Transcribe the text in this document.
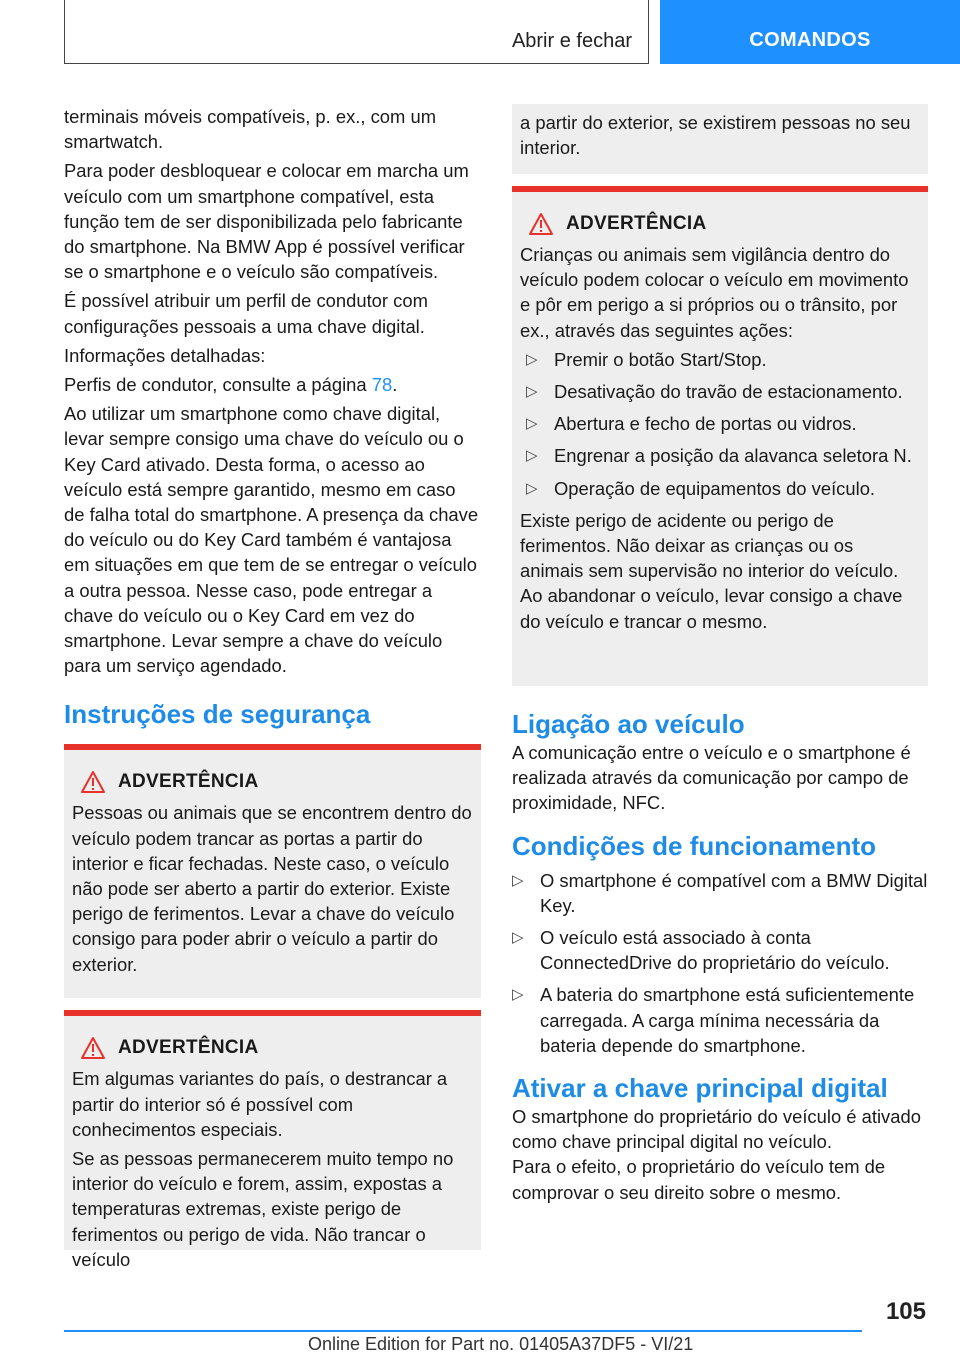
Abrir e fechar	COMANDOS

terminais móveis compatíveis, p. ex., com um smartwatch.

Para poder desbloquear e colocar em marcha um veículo com um smartphone compatível, esta função tem de ser disponibilizada pelo fabricante do smartphone. Na BMW App é possível verificar se o smartphone e o veículo são compatíveis.

É possível atribuir um perfil de condutor com configurações pessoais a uma chave digital.

Informações detalhadas:

Perfis de condutor, consulte a página 78.

Ao utilizar um smartphone como chave digital, levar sempre consigo uma chave do veículo ou o Key Card ativado. Desta forma, o acesso ao veículo está sempre garantido, mesmo em caso de falha total do smartphone. A presença da chave do veículo ou do Key Card também é vantajosa em situações em que tem de se entregar o veículo a outra pessoa. Nesse caso, pode entregar a chave do veículo ou o Key Card em vez do smartphone. Levar sempre a chave do veículo para um serviço agendado.

Instruções de segurança
ADVERTÊNCIA

Pessoas ou animais que se encontrem dentro do veículo podem trancar as portas a partir do interior e ficar fechadas. Neste caso, o veículo não pode ser aberto a partir do exterior. Existe perigo de ferimentos. Levar a chave do veículo consigo para poder abrir o veículo a partir do exterior.

ADVERTÊNCIA

Em algumas variantes do país, o destrancar a partir do interior só é possível com conhecimentos especiais.

Se as pessoas permanecerem muito tempo no interior do veículo e forem, assim, expostas a temperaturas extremas, existe perigo de ferimentos ou perigo de vida. Não trancar o veículo

a partir do exterior, se existirem pessoas no seu interior.

ADVERTÊNCIA

Crianças ou animais sem vigilância dentro do veículo podem colocar o veículo em movimento e pôr em perigo a si próprios ou o trânsito, por ex., através das seguintes ações:

▷ Premir o botão Start/Stop.
▷ Desativação do travão de estacionamento.
▷ Abertura e fecho de portas ou vidros.
▷ Engrenar a posição da alavanca seletora N.
▷ Operação de equipamentos do veículo.

Existe perigo de acidente ou perigo de ferimentos. Não deixar as crianças ou os animais sem supervisão no interior do veículo. Ao abandonar o veículo, levar consigo a chave do veículo e trancar o mesmo.

Ligação ao veículo

A comunicação entre o veículo e o smartphone é realizada através da comunicação por campo de proximidade, NFC.

Condições de funcionamento
▷ O smartphone é compatível com a BMW Digital Key.
▷ O veículo está associado à conta ConnectedDrive do proprietário do veículo.
▷ A bateria do smartphone está suficientemente carregada. A carga mínima necessária da bateria depende do smartphone.
Ativar a chave principal digital

O smartphone do proprietário do veículo é ativado como chave principal digital no veículo.

Para o efeito, o proprietário do veículo tem de comprovar o seu direito sobre o mesmo.

105
Online Edition for Part no. 01405A37DF5 - VI/21
